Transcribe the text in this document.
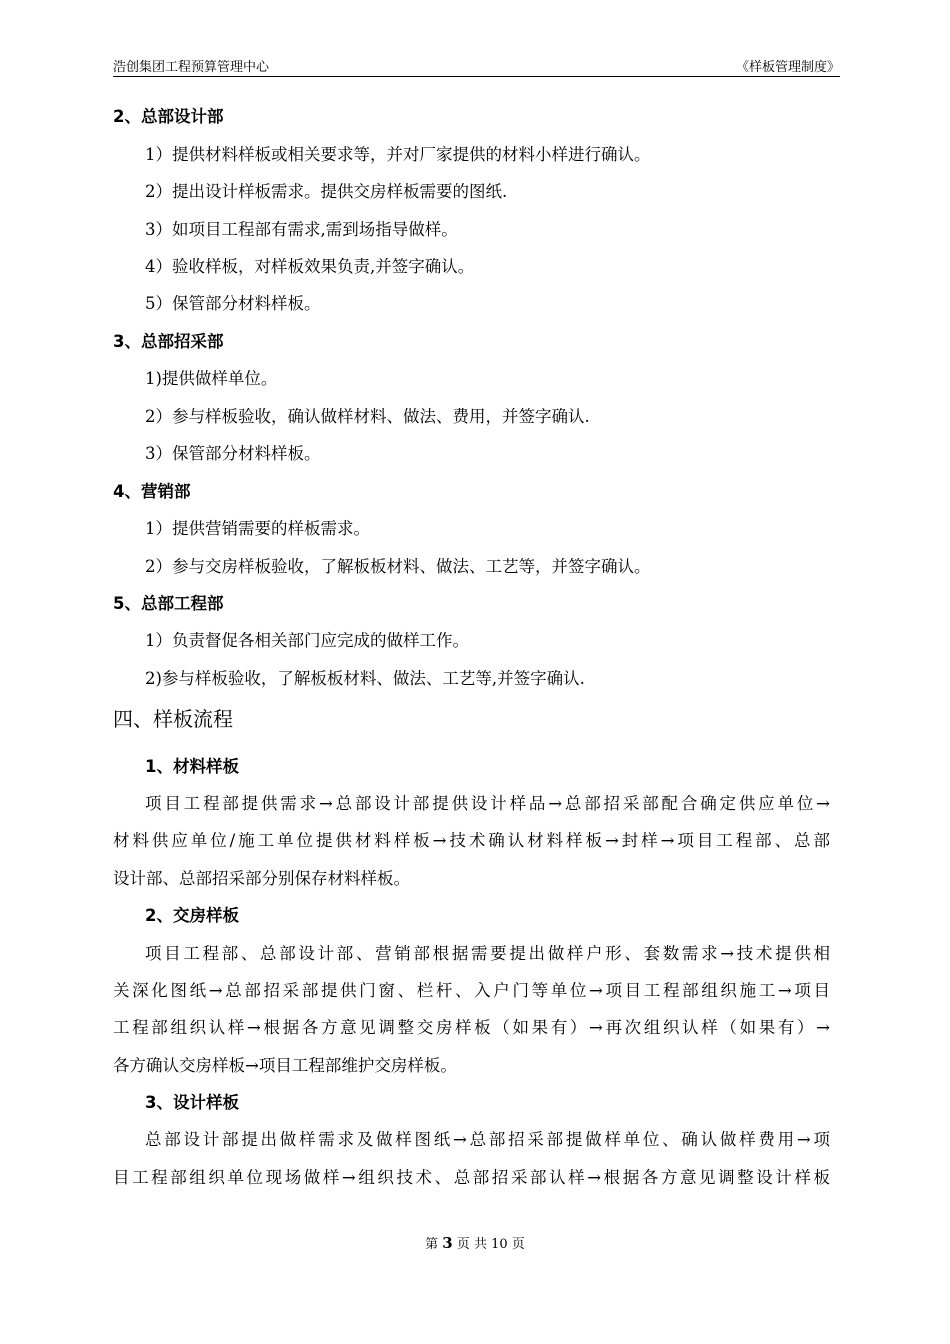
浩创集团工程预算管理中心	《样板管理制度》
2、总部设计部
1）提供材料样板或相关要求等，并对厂家提供的材料小样进行确认。
2）提出设计样板需求。提供交房样板需要的图纸.
3）如项目工程部有需求,需到场指导做样。
4）验收样板，对样板效果负责,并签字确认。
5）保管部分材料样板。
3、总部招采部
1)提供做样单位。
2）参与样板验收，确认做样材料、做法、费用，并签字确认.
3）保管部分材料样板。
4、营销部
1）提供营销需要的样板需求。
2）参与交房样板验收，了解板板材料、做法、工艺等，并签字确认。
5、总部工程部
1）负责督促各相关部门应完成的做样工作。
2)参与样板验收，了解板板材料、做法、工艺等,并签字确认.
四、样板流程
1、材料样板
项目工程部提供需求→总部设计部提供设计样品→总部招采部配合确定供应单位→
材料供应单位/施工单位提供材料样板→技术确认材料样板→封样→项目工程部、总部
设计部、总部招采部分别保存材料样板。
2、交房样板
项目工程部、总部设计部、营销部根据需要提出做样户形、套数需求→技术提供相
关深化图纸→总部招采部提供门窗、栏杆、入户门等单位→项目工程部组织施工→项目
工程部组织认样→根据各方意见调整交房样板（如果有）→再次组织认样（如果有）→
各方确认交房样板→项目工程部维护交房样板。
3、设计样板
总部设计部提出做样需求及做样图纸→总部招采部提做样单位、确认做样费用→项
目工程部组织单位现场做样→组织技术、总部招采部认样→根据各方意见调整设计样板
第 3 页 共 10 页
